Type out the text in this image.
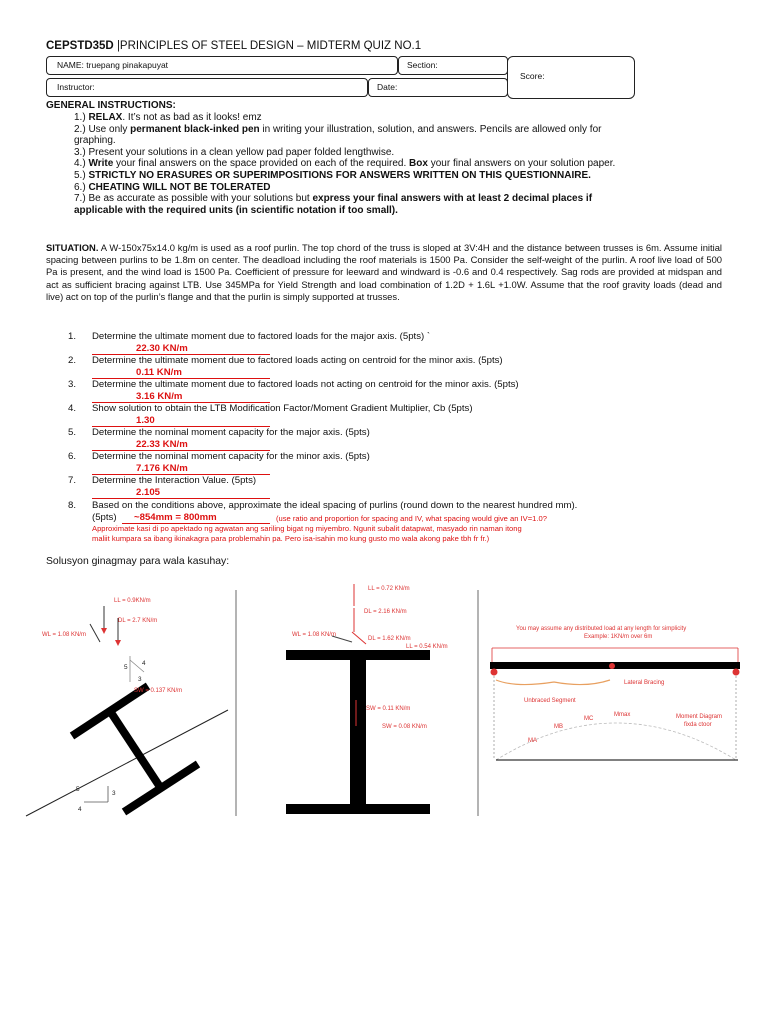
CEPSTD35D |PRINCIPLES OF STEEL DESIGN – MIDTERM QUIZ NO.1
NAME: truepang pinakapuyat	Section:
Score:
Instructor:	Date:
GENERAL INSTRUCTIONS:
1.) RELAX. It’s not as bad as it looks! emz
2.) Use only permanent black-inked pen in writing your illustration, solution, and answers. Pencils are allowed only for
graphing.
3.) Present your solutions in a clean yellow pad paper folded lengthwise.
4.) Write your final answers on the space provided on each of the required. Box your final answers on your solution paper.
5.) STRICTLY NO ERASURES OR SUPERIMPOSITIONS FOR ANSWERS WRITTEN ON THIS QUESTIONNAIRE.
6.) CHEATING WILL NOT BE TOLERATED
7.) Be as accurate as possible with your solutions but express your final answers with at least 2 decimal places if
applicable with the required units (in scientific notation if too small).
SITUATION. A W-150x75x14.0 kg/m is used as a roof purlin. The top chord of the truss is sloped at 3V:4H and the distance between trusses is 6m. Assume initial spacing between purlins to be 1.8m on center. The deadload including the roof materials is 1500 Pa. Consider the self-weight of the purlin. A roof live load of 500 Pa is present, and the wind load is 1500 Pa. Coefficient of pressure for leeward and windward is -0.6 and 0.4 respectively. Sag rods are provided at midspan and act as sufficient bracing against LTB. Use 345MPa for Yield Strength and load combination of 1.2D + 1.6L +1.0W. Assume that the roof gravity loads (dead and live) act on top of the purlin’s flange and that the purlin is simply supported at trusses.
1. Determine the ultimate moment due to factored loads for the major axis. (5pts) `
22.30 KN/m
2. Determine the ultimate moment due to factored loads acting on centroid for the minor axis. (5pts)
0.11 KN/m
3. Determine the ultimate moment due to factored loads not acting on centroid for the minor axis. (5pts)
3.16 KN/m
4. Show solution to obtain the LTB Modification Factor/Moment Gradient Multiplier, Cb (5pts)
1.30
5. Determine the nominal moment capacity for the major axis. (5pts)
22.33 KN/m
6. Determine the nominal moment capacity for the minor axis. (5pts)
7.176 KN/m
7. Determine the Interaction Value. (5pts)
2.105
8. Based on the conditions above, approximate the ideal spacing of purlins (round down to the nearest hundred mm).
(5pts) ~854mm = 800mm	(use ratio and proportion for spacing and IV, what spacing would give an IV=1.0?
Approximate kasi di po apektado ng agwatan ang sariling bigat ng miyembro. Ngunit subalit datapwat, masyado rin naman itong
maliit kumpara sa ibang ikinakagra para problemahin pa. Pero isa-isahin mo kung gusto mo wala akong pake tbh fr fr.)
Solusyon ginagmay para wala kasuhay:
LL = 0.9KN/m
DL = 2.7 KN/m
WL = 1.08 KN/m
SW = 0.137 KN/m
5
4
3
5
3
4
LL = 0.72 KN/m
DL = 2.16 KN/m
WL = 1.08 KN/m
DL = 1.62 KN/m
LL = 0.54 KN/m
SW = 0.11 KN/m
SW = 0.08 KN/m
You may assume any distributed load at any length for simplicity
Example: 1KN/m over 6m
Lateral Bracing
Unbraced Segment
MA
MB
MC
Mmax	Moment Diagram
fixda ctoor
